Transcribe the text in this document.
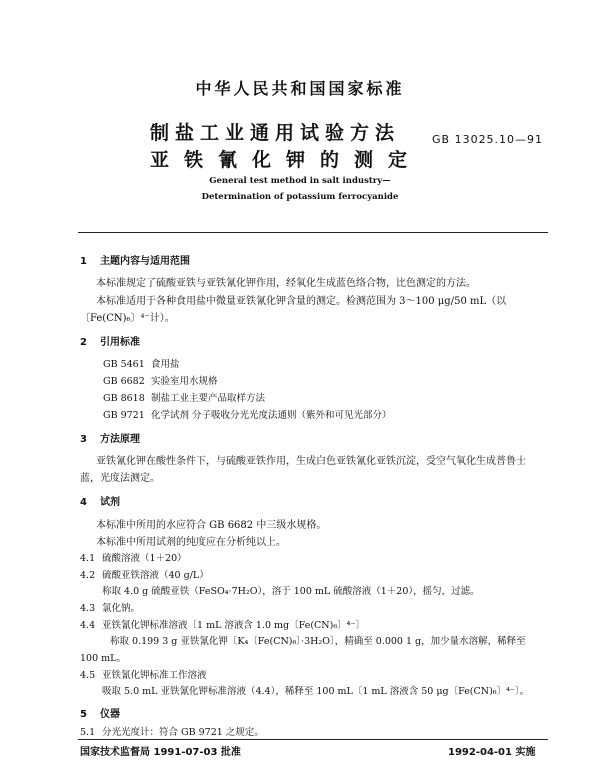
中华人民共和国国家标准
制盐工业通用试验方法
亚铁氰化钾的测定
GB 13025.10—91
General test method in salt industry—
Determination of potassium ferrocyanide
1 主题内容与适用范围
本标准规定了硫酸亚铁与亚铁氰化钾作用，经氧化生成蓝色络合物，比色测定的方法。
本标准适用于各种食用盐中微量亚铁氰化钾含量的测定。检测范围为 3～100 μg/50 mL（以
〔Fe(CN)₆〕⁴⁻计）。
2 引用标准
GB 5461 食用盐
GB 6682 实验室用水规格
GB 8618 制盐工业主要产品取样方法
GB 9721 化学试剂 分子吸收分光光度法通则（紫外和可见光部分）
3 方法原理
亚铁氰化钾在酸性条件下，与硫酸亚铁作用，生成白色亚铁氰化亚铁沉淀，受空气氧化生成普鲁士
蓝，光度法测定。
4 试剂
本标准中所用的水应符合 GB 6682 中三级水规格。
本标准中所用试剂的纯度应在分析纯以上。
4.1 硫酸溶液（1＋20）
4.2 硫酸亚铁溶液（40 g/L）
称取 4.0 g 硫酸亚铁（FeSO₄·7H₂O），溶于 100 mL 硫酸溶液（1＋20），摇匀，过滤。
4.3 氯化钠。
4.4 亚铁氰化钾标准溶液〔1 mL 溶液含 1.0 mg〔Fe(CN)₆〕⁴⁻〕
称取 0.199 3 g 亚铁氰化钾〔K₄〔Fe(CN)₆〕·3H₂O〕，精确至 0.000 1 g，加少量水溶解，稀释至
100 mL。
4.5 亚铁氰化钾标准工作溶液
吸取 5.0 mL 亚铁氰化钾标准溶液（4.4），稀释至 100 mL〔1 mL 溶液含 50 μg〔Fe(CN)₆〕⁴⁻〕。
5 仪器
5.1 分光光度计：符合 GB 9721 之规定。
国家技术监督局 1991-07-03 批准	1992-04-01 实施
